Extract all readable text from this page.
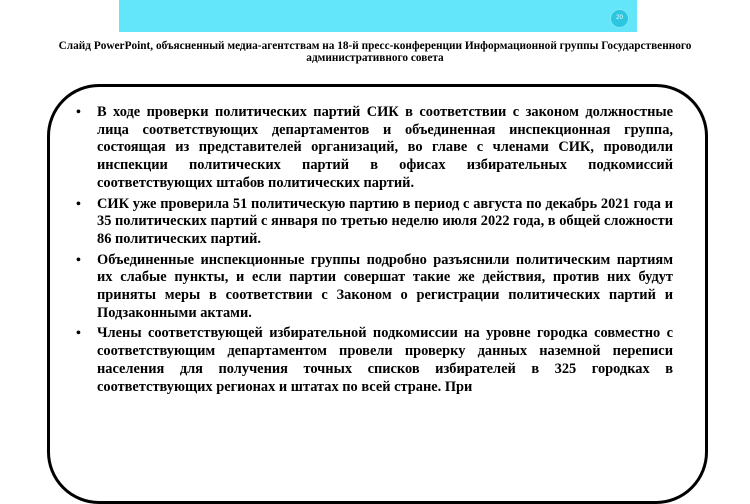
20
Слайд PowerPoint, объясненный медиа-агентствам на 18-й пресс-конференции Информационной группы Государственного административного совета
• В ходе проверки политических партий СИК в соответствии с законом должностные лица соответствующих департаментов и объединенная инспекционная группа, состоящая из представителей организаций, во главе с членами СИК, проводили инспекции политических партий в офисах избирательных подкомиссий соответствующих штабов политических партий.
• СИК уже проверила 51 политическую партию в период с августа по декабрь 2021 года и 35 политических партий с января по третью неделю июля 2022 года, в общей сложности 86 политических партий.
• Объединенные инспекционные группы подробно разъяснили политическим партиям их слабые пункты, и если партии совершат такие же действия, против них будут приняты меры в соответствии с Законом о регистрации политических партий и Подзаконными актами.
• Члены соответствующей избирательной подкомиссии на уровне городка совместно с соответствующим департаментом провели проверку данных наземной переписи населения для получения точных списков избирателей в 325 городках в соответствующих регионах и штатах по всей стране. При
